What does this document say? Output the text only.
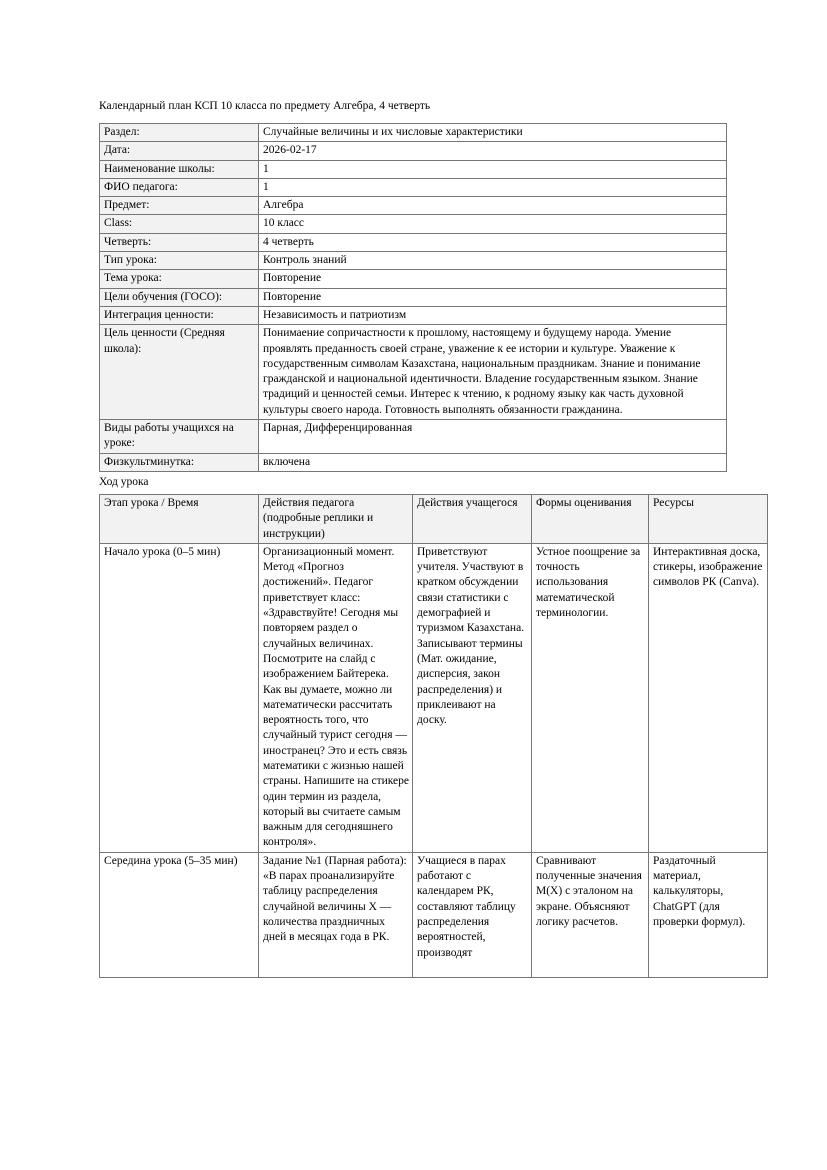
Календарный план КСП 10 класса по предмету Алгебра, 4 четверть
Раздел:	Случайные величины и их числовые характеристики
Дата:	2026-02-17
Наименование школы:	1
ФИО педагога:	1
Предмет:	Алгебра
Class:	10 класс
Четверть:	4 четверть
Тип урока:	Контроль знаний
Тема урока:	Повторение
Цели обучения (ГОСО):	Повторение
Интеграция ценности:	Независимость и патриотизм
Цель ценности (Средняя школа):	Понимаение сопричастности к прошлому, настоящему и будущему народа. Умение проявлять преданность своей стране, уважение к ее истории и культуре. Уважение к государственным символам Казахстана, национальным праздникам. Знание и понимание гражданской и национальной идентичности. Владение государственным языком. Знание традиций и ценностей семьи. Интерес к чтению, к родному языку как часть духовной культуры своего народа. Готовность выполнять обязанности гражданина.
Виды работы учащихся на уроке:	Парная, Дифференцированная
Физкультминутка:	включена
Ход урока
Этап урока / Время	Действия педагога (подробные реплики и инструкции)	Действия учащегося	Формы оценивания	Ресурсы
Начало урока (0–5 мин)	Организационный момент. Метод «Прогноз достижений». Педагог приветствует класс: «Здравствуйте! Сегодня мы повторяем раздел о случайных величинах. Посмотрите на слайд с изображением Байтерека. Как вы думаете, можно ли математически рассчитать вероятность того, что случайный турист сегодня — иностранец? Это и есть связь математики с жизнью нашей страны. Напишите на стикере один термин из раздела, который вы считаете самым важным для сегодняшнего контроля».	Приветствуют учителя. Участвуют в кратком обсуждении связи статистики с демографией и туризмом Казахстана. Записывают термины (Мат. ожидание, дисперсия, закон распределения) и приклеивают на доску.	Устное поощрение за точность использования математической терминологии.	Интерактивная доска, стикеры, изображение символов РК (Canva).

Середина урока (5–35 мин)	Задание №1 (Парная работа): «В парах проанализируйте таблицу распределения случайной величины X — количества праздничных дней в месяцах года в РК.	Учащиеся в парах работают с календарем РК, составляют таблицу распределения вероятностей, производят	Сравнивают полученные значения M(X) с эталоном на экране. Объясняют логику расчетов.	Раздаточный материал, калькуляторы, ChatGPT (для проверки формул).
